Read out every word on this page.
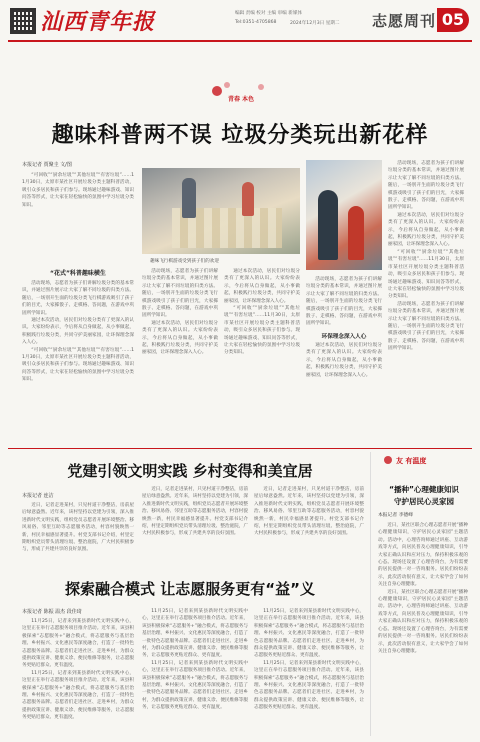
汕西青年报	编辑 责编 校对 主编 审编 新媒体
Tel:0351-4705868	2024年12月3日 星期二 志愿周刊 05
青春 本色
趣味科普两不误 垃圾分类玩出新花样
本报记者 贾聚圭 文/图

“可回收”“厨余垃圾”“其他垃圾”“有害垃圾”……11月30日，太原市某社区开展垃圾分类主题科普活动，吸引众多居民和孩子们参与。现场通过趣味游戏、知识问答等形式，让大家在轻松愉快的氛围中学习垃圾分类知识。

趣味飞行棋游戏受到孩子们的欢迎
“花式”科普趣味横生

活动现场，志愿者为孩子们讲解垃圾分类的基本常识，并通过图片展示让大家了解不同垃圾的归类方法。随后，一场别开生面的垃圾分类飞行棋游戏吸引了孩子们的目光，大家掷骰子、走棋格、答问题，在游戏中巩固所学知识。

通过本次活动，居民们对垃圾分类有了更深入的认识。大家纷纷表示，今后将从自身做起，从小事做起，积极践行垃圾分类，共同守护美丽家园，让环保理念深入人心。

“可回收”“厨余垃圾”“其他垃圾”“有害垃圾”……11月30日，太原市某社区开展垃圾分类主题科普活动，吸引众多居民和孩子们参与。现场通过趣味游戏、知识问答等形式，让大家在轻松愉快的氛围中学习垃圾分类知识。

活动现场，志愿者为孩子们讲解垃圾分类的基本常识，并通过图片展示让大家了解不同垃圾的归类方法。随后，一场别开生面的垃圾分类飞行棋游戏吸引了孩子们的目光，大家掷骰子、走棋格、答问题，在游戏中巩固所学知识。

通过本次活动，居民们对垃圾分类有了更深入的认识。大家纷纷表示，今后将从自身做起，从小事做起，积极践行垃圾分类，共同守护美丽家园，让环保理念深入人心。

通过本次活动，居民们对垃圾分类有了更深入的认识。大家纷纷表示，今后将从自身做起，从小事做起，积极践行垃圾分类，共同守护美丽家园，让环保理念深入人心。

“可回收”“厨余垃圾”“其他垃圾”“有害垃圾”……11月30日，太原市某社区开展垃圾分类主题科普活动，吸引众多居民和孩子们参与。现场通过趣味游戏、知识问答等形式，让大家在轻松愉快的氛围中学习垃圾分类知识。

环保理念深入人心

活动现场，志愿者为孩子们讲解垃圾分类的基本常识，并通过图片展示让大家了解不同垃圾的归类方法。随后，一场别开生面的垃圾分类飞行棋游戏吸引了孩子们的目光，大家掷骰子、走棋格、答问题，在游戏中巩固所学知识。

通过本次活动，居民们对垃圾分类有了更深入的认识。大家纷纷表示，今后将从自身做起，从小事做起，积极践行垃圾分类，共同守护美丽家园，让环保理念深入人心。

活动现场，志愿者为孩子们讲解垃圾分类的基本常识，并通过图片展示让大家了解不同垃圾的归类方法。随后，一场别开生面的垃圾分类飞行棋游戏吸引了孩子们的目光，大家掷骰子、走棋格、答问题，在游戏中巩固所学知识。

通过本次活动，居民们对垃圾分类有了更深入的认识。大家纷纷表示，今后将从自身做起，从小事做起，积极践行垃圾分类，共同守护美丽家园，让环保理念深入人心。

“可回收”“厨余垃圾”“其他垃圾”“有害垃圾”……11月30日，太原市某社区开展垃圾分类主题科普活动，吸引众多居民和孩子们参与。现场通过趣味游戏、知识问答等形式，让大家在轻松愉快的氛围中学习垃圾分类知识。

活动现场，志愿者为孩子们讲解垃圾分类的基本常识，并通过图片展示让大家了解不同垃圾的归类方法。随后，一场别开生面的垃圾分类飞行棋游戏吸引了孩子们的目光，大家掷骰子、走棋格、答问题，在游戏中巩固所学知识。

党建引领文明实践 乡村变得和美宜居
本报记者 连洁

近日，记者走进某村，只见村道干净整洁，房前屋后绿意盎然。近年来，该村坚持以党建为引领，深入推进新时代文明实践，组织党员志愿者开展环境整治、移风易俗、邻里互助等志愿服务活动，村容村貌焕然一新，村民幸福感显著提升。村党支部书记介绍，村里定期组织党员带头清理垃圾、整治庭院，广大村民积极参与，形成了共建共享的良好氛围。

近日，记者走进某村，只见村道干净整洁，房前屋后绿意盎然。近年来，该村坚持以党建为引领，深入推进新时代文明实践，组织党员志愿者开展环境整治、移风易俗、邻里互助等志愿服务活动，村容村貌焕然一新，村民幸福感显著提升。村党支部书记介绍，村里定期组织党员带头清理垃圾、整治庭院，广大村民积极参与，形成了共建共享的良好氛围。

近日，记者走进某村，只见村道干净整洁，房前屋后绿意盎然。近年来，该村坚持以党建为引领，深入推进新时代文明实践，组织党员志愿者开展环境整治、移风易俗、邻里互助等志愿服务活动，村容村貌焕然一新，村民幸福感显著提升。村党支部书记介绍，村里定期组织党员带头清理垃圾、整治庭院，广大村民积极参与，形成了共建共享的良好氛围。

探索融合模式 让志愿服务更有“益”义
本报记者 陈振 温杰 段佳琦

11月25日，记者来到某县新时代文明实践中心，这里正在举行志愿服务项目推介活动。近年来，该县积极探索“志愿服务+”融合模式，将志愿服务与基层治理、乡村振兴、文化惠民等深度融合，打造了一批特色志愿服务品牌。志愿者们走进社区、走进乡村，为群众提供政策宣讲、健康义诊、便民维修等服务，让志愿服务更贴近群众、更有温度。

11月25日，记者来到某县新时代文明实践中心，这里正在举行志愿服务项目推介活动。近年来，该县积极探索“志愿服务+”融合模式，将志愿服务与基层治理、乡村振兴、文化惠民等深度融合，打造了一批特色志愿服务品牌。志愿者们走进社区、走进乡村，为群众提供政策宣讲、健康义诊、便民维修等服务，让志愿服务更贴近群众、更有温度。

11月25日，记者来到某县新时代文明实践中心，这里正在举行志愿服务项目推介活动。近年来，该县积极探索“志愿服务+”融合模式，将志愿服务与基层治理、乡村振兴、文化惠民等深度融合，打造了一批特色志愿服务品牌。志愿者们走进社区、走进乡村，为群众提供政策宣讲、健康义诊、便民维修等服务，让志愿服务更贴近群众、更有温度。

11月25日，记者来到某县新时代文明实践中心，这里正在举行志愿服务项目推介活动。近年来，该县积极探索“志愿服务+”融合模式，将志愿服务与基层治理、乡村振兴、文化惠民等深度融合，打造了一批特色志愿服务品牌。志愿者们走进社区、走进乡村，为群众提供政策宣讲、健康义诊、便民维修等服务，让志愿服务更贴近群众、更有温度。

11月25日，记者来到某县新时代文明实践中心，这里正在举行志愿服务项目推介活动。近年来，该县积极探索“志愿服务+”融合模式，将志愿服务与基层治理、乡村振兴、文化惠民等深度融合，打造了一批特色志愿服务品牌。志愿者们走进社区、走进乡村，为群众提供政策宣讲、健康义诊、便民维修等服务，让志愿服务更贴近群众、更有温度。

11月25日，记者来到某县新时代文明实践中心，这里正在举行志愿服务项目推介活动。近年来，该县积极探索“志愿服务+”融合模式，将志愿服务与基层治理、乡村振兴、文化惠民等深度融合，打造了一批特色志愿服务品牌。志愿者们走进社区、走进乡村，为群众提供政策宣讲、健康义诊、便民维修等服务，让志愿服务更贴近群众、更有温度。

友 有温度
“播种”心理健康知识
守护居民心灵家园
本报记者 李德峰

近日，某社区联合心理志愿者开展“播种心理健康知识，守护居民心灵家园”主题活动。活动中，心理咨询师通过讲座、互动游戏等方式，向居民普及心理健康知识，引导大家正确认识和应对压力，保持积极乐观的心态。现场还设置了心理咨询台，为有需要的居民提供一对一咨询服务。居民们纷纷表示，此次活动很有意义，让大家学会了如何关注自身心理健康。

近日，某社区联合心理志愿者开展“播种心理健康知识，守护居民心灵家园”主题活动。活动中，心理咨询师通过讲座、互动游戏等方式，向居民普及心理健康知识，引导大家正确认识和应对压力，保持积极乐观的心态。现场还设置了心理咨询台，为有需要的居民提供一对一咨询服务。居民们纷纷表示，此次活动很有意义，让大家学会了如何关注自身心理健康。
